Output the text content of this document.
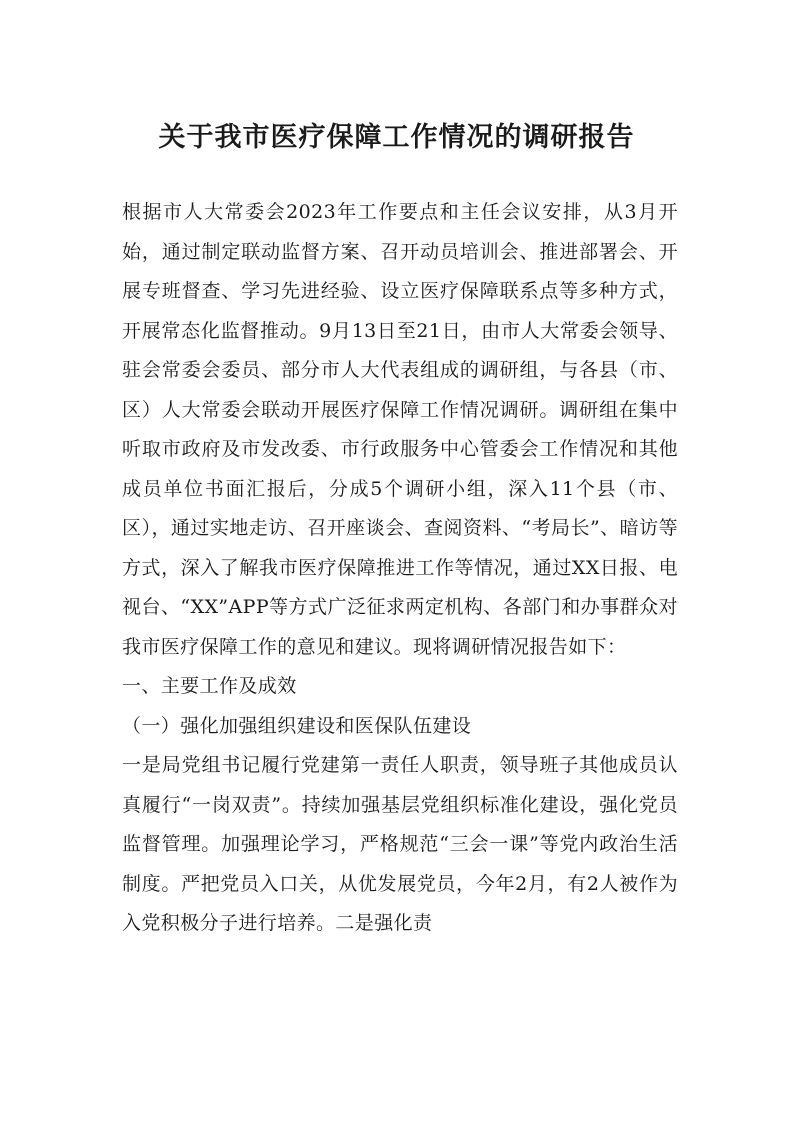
关于我市医疗保障工作情况的调研报告

根据市人大常委会2023年工作要点和主任会议安排，从3月开始，通过制定联动监督方案、召开动员培训会、推进部署会、开展专班督查、学习先进经验、设立医疗保障联系点等多种方式，开展常态化监督推动。9月13日至21日，由市人大常委会领导、驻会常委会委员、部分市人大代表组成的调研组，与各县（市、区）人大常委会联动开展医疗保障工作情况调研。调研组在集中听取市政府及市发改委、市行政服务中心管委会工作情况和其他成员单位书面汇报后，分成5个调研小组，深入11个县（市、区），通过实地走访、召开座谈会、查阅资料、“考局长”、暗访等方式，深入了解我市医疗保障推进工作等情况，通过XX日报、电视台、“XX”APP等方式广泛征求两定机构、各部门和办事群众对我市医疗保障工作的意见和建议。现将调研情况报告如下：

一、主要工作及成效

（一）强化加强组织建设和医保队伍建设

一是局党组书记履行党建第一责任人职责，领导班子其他成员认真履行“一岗双责”。持续加强基层党组织标准化建设，强化党员监督管理。加强理论学习，严格规范“三会一课”等党内政治生活制度。严把党员入口关，从优发展党员，今年2月，有2人被作为入党积极分子进行培养。二是强化责
